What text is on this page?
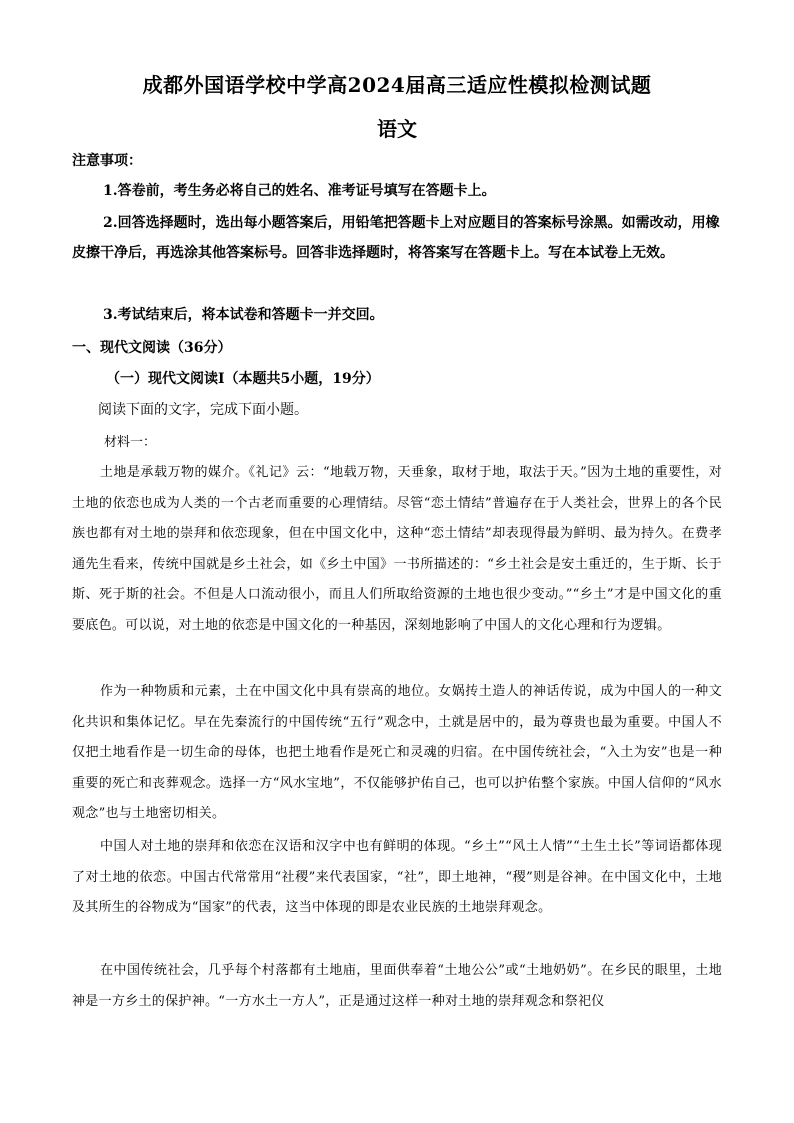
成都外国语学校中学高2024届高三适应性模拟检测试题
语文
注意事项：
1.答卷前，考生务必将自己的姓名、准考证号填写在答题卡上。
2.回答选择题时，选出每小题答案后，用铅笔把答题卡上对应题目的答案标号涂黑。如需改动，用橡皮擦干净后，再选涂其他答案标号。回答非选择题时，将答案写在答题卡上。写在本试卷上无效。
3.考试结束后，将本试卷和答题卡一并交回。
一、现代文阅读（36分）
（一）现代文阅读Ⅰ（本题共5小题，19分）
阅读下面的文字，完成下面小题。
材料一：
土地是承载万物的媒介。《礼记》云：“地载万物，天垂象，取材于地，取法于天。”因为土地的重要性，对土地的依恋也成为人类的一个古老而重要的心理情结。尽管“恋土情结”普遍存在于人类社会，世界上的各个民族也都有对土地的崇拜和依恋现象，但在中国文化中，这种“恋土情结”却表现得最为鲜明、最为持久。在费孝通先生看来，传统中国就是乡土社会，如《乡土中国》一书所描述的：“乡土社会是安土重迁的，生于斯、长于斯、死于斯的社会。不但是人口流动很小，而且人们所取给资源的土地也很少变动。”“乡土”才是中国文化的重要底色。可以说，对土地的依恋是中国文化的一种基因，深刻地影响了中国人的文化心理和行为逻辑。
作为一种物质和元素，土在中国文化中具有崇高的地位。女娲抟土造人的神话传说，成为中国人的一种文化共识和集体记忆。早在先秦流行的中国传统“五行”观念中，土就是居中的，最为尊贵也最为重要。中国人不仅把土地看作是一切生命的母体，也把土地看作是死亡和灵魂的归宿。在中国传统社会，“入土为安”也是一种重要的死亡和丧葬观念。选择一方“风水宝地”，不仅能够护佑自己，也可以护佑整个家族。中国人信仰的“风水观念”也与土地密切相关。
中国人对土地的崇拜和依恋在汉语和汉字中也有鲜明的体现。“乡土”“风土人情”“土生土长”等词语都体现了对土地的依恋。中国古代常常用“社稷”来代表国家，“社”，即土地神，“稷”则是谷神。在中国文化中，土地及其所生的谷物成为“国家”的代表，这当中体现的即是农业民族的土地崇拜观念。
在中国传统社会，几乎每个村落都有土地庙，里面供奉着“土地公公”或“土地奶奶”。在乡民的眼里，土地神是一方乡土的保护神。“一方水土一方人”，正是通过这样一种对土地的崇拜观念和祭祀仪
